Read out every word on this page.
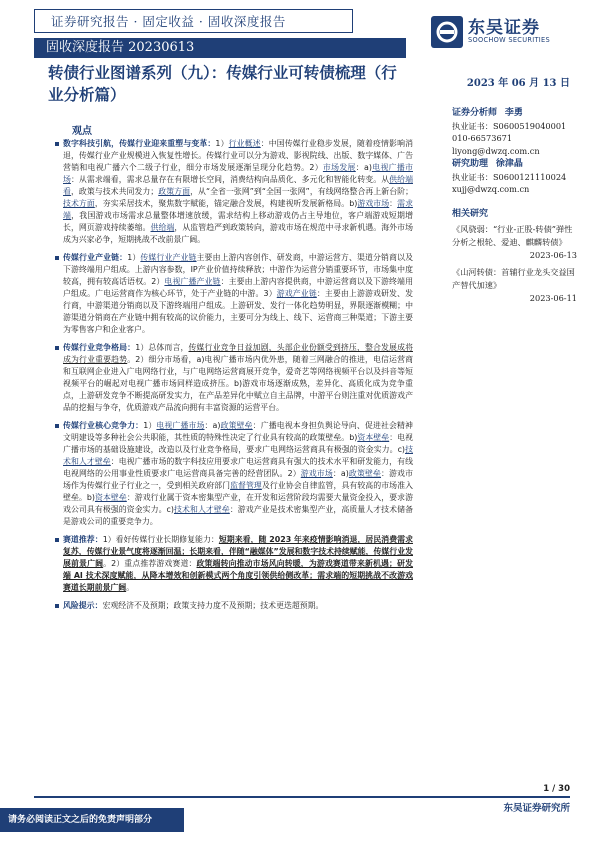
证券研究报告 · 固定收益 · 固收深度报告	东吴证券
SOOCHOW SECURITIES
固收深度报告 20230613
转债行业图谱系列（九）：传媒行业可转债梳理（行业分析篇）
2023 年 06 月 13 日
观点
证券分析师 李勇
执业证书：S0600519040001
010-66573671
liyong@dwzq.com.cn
研究助理 徐津晶
执业证书：S0600121110024
xujj@dwzq.com.cn
相关研究
《风骁弱：“行业-正股-转债”弹性分析之根轮、爱迪、麒麟转债》
2023-06-13
《山河转债：首辅行业龙头交益国产替代加速》
2023-06-11
数字科技引航，传媒行业迎来重塑与变革：1）行业概述：中国传媒行业稳步发展，随着疫情影响消退，传媒行业产业规模进入恢复性增长。传媒行业可以分为游戏、影视院线、出版、数字媒体、广告营销和电视广播六个二级子行业，细分市场发展逐渐呈现分化趋势。2）市场发展：a)电视广播市场：从需求端看，需求总量存在有限增长空间，消费结构向品质化、多元化和智能化转变。从供给端看，政策与技术共同发力；政策方面，从“全省一张网”到“全国一张网”，有线网络整合再上新台阶；技术方面，夯实采居技术，聚焦数字赋能，锚定融合发展，构建视听发展新格局。b)游戏市场：需求端，我国游戏市场需求总量整体增速放缓，需求结构上移动游戏仍占主导地位，客户端游戏短期增长，网页游戏持续萎缩。供给端，从监管趋严到政策转向，游戏市场在规范中寻求新机遇。海外市场成为兴家必争，短期挑战不改前景广阔。
传媒行业产业链：1）传媒行业产业链主要由上游内容创作、研发商，中游运营方、渠道分销商以及下游终端用户组成。上游内容参数，IP产业价值持续释放；中游作为运营分销重要环节，市场集中度较高，拥有较高话语权。2）电视广播产业链：主要由上游内容提供商，中游运营商以及下游终端用户组成。广电运营商作为核心环节，处于产业链的中游。3）游戏产业链：主要由上游游戏研发、发行商，中游渠道分销商以及下游终端用户组成。上游研发、发行一体化趋势明显，界限逐渐模糊；中游渠道分销商在产业链中拥有较高的议价能力，主要可分为线上、线下、运营商三种渠道；下游主要为零售客户和企业客户。
传媒行业竞争格局：1）总体而言，传媒行业竞争日益加剧，头部企业份额受到挤压，整合发展成将成为行业重要趋势。2）细分市场看，a)电视广播市场内优外患，随着三网融合的推进，电信运营商和互联网企业进入广电网络行业，与广电网络运营商展开竞争，爱奇艺等网络视频平台以及抖音等短视频平台的崛起对电视广播市场同样造成挤压。b)游戏市场逐渐成熟，差异化、高质化成为竞争重点，上游研发竞争不断提高研发实力，在产品差异化中赋立自主品牌，中游平台则注重对优质游戏产品的挖掘与争夺，优质游戏产品流向拥有丰富资源的运营平台。
传媒行业核心竞争力：1）电视广播市场：a)政策壁垒：广播电视本身担负舆论导向、促进社会精神文明建设等多种社会公共职能，其性质的特殊性决定了行业具有较高的政策壁垒。b)资本壁垒：电视广播市场的基础设施建设，改造以及行业竞争格局，要求广电网络运营商具有极强的资金实力。c)技术和人才壁垒：电视广播市场的数字科技应用要求广电运营商具有强大的技术水平和研发能力，有线电视网络的公用事业性质要求广电运营商具备完善的经营团队。2）游戏市场：a)政策壁垒：游戏市场作为传媒行业子行业之一，受到相关政府部门监督管理及行业协会自律监管，具有较高的市场准入壁垒。b)资本壁垒：游戏行业属于资本密集型产业，在开发和运营阶段均需要大量资金投入，要求游戏公司具有极强的资金实力。c)技术和人才壁垒：游戏产业是技术密集型产业，高质量人才技术储备是游戏公司的重要竞争力。
赛道推荐：1）看好传媒行业长期修复能力：短期来看，随 2023 年来疫情影响消退，居民消费需求复苏，传媒行业景气度将逐渐回温；长期来看，伴随“融媒体”发展和数字技术持续赋能，传媒行业发展前景广阔。2）重点推荐游戏赛道：政策端转向推动市场风向转暖，为游戏赛道带来新机遇；研发端 AI 技术深度赋能，从降本增效和创新模式两个角度引领供给侧改革；需求端的短期挑战不改游戏赛道长期前景广阔。
风险提示：宏观经济不及预期；政策支持力度不及预期；技术更迭超预期。
1 / 30
东吴证券研究所
请务必阅读正文之后的免责声明部分
